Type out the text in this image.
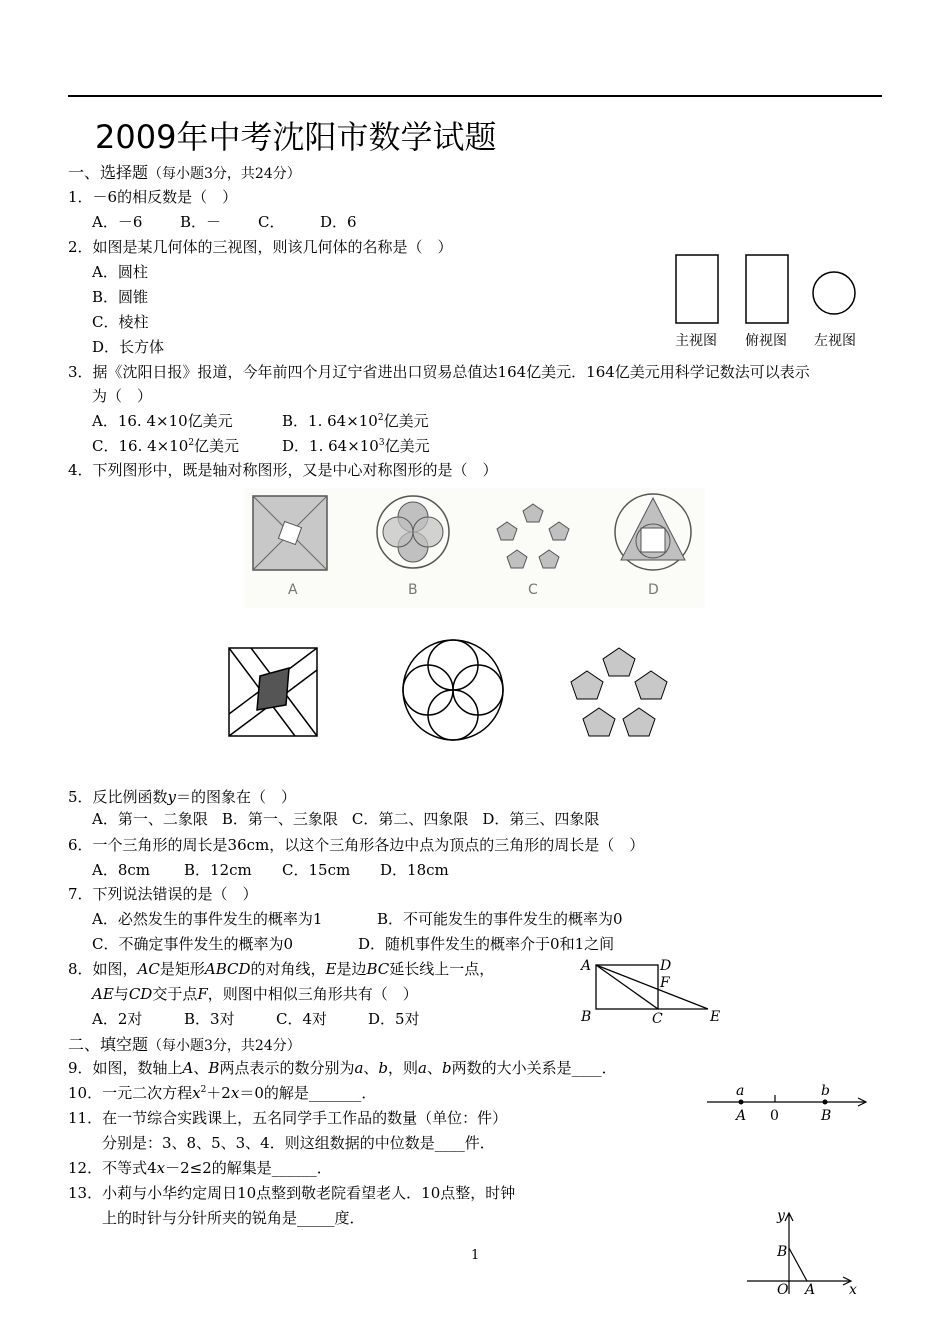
2009年中考沈阳市数学试题
一、选择题（每小题3分，共24分）
1．－6的相反数是（　）
A．－6	B．－ C． D．6
2．如图是某几何体的三视图，则该几何体的名称是（　）
A．圆柱
B．圆锥
C．棱柱
D．长方体	主视图 俯视图 左视图
3．据《沈阳日报》报道，今年前四个月辽宁省进出口贸易总值达164亿美元．164亿美元用科学记数法可以表示
为（　）
A．16. 4×10亿美元	B．1. $64\times 10^2$亿美元
C．16. $4\times 10^2$亿美元	D．1. $64\times 10^3$亿美元
4．下列图形中，既是轴对称图形，又是中心对称图形的是（　）
A	B	C	D
5．反比例函数y＝的图象在（　）
A．第一、二象限 B．第一、三象限 C．第二、四象限 D．第三、四象限
6．一个三角形的周长是36cm，以这个三角形各边中点为顶点的三角形的周长是（　）
A．8cm B．12cm C．15cm D．18cm
7．下列说法错误的是（　）
A．必然发生的事件发生的概率为1	B．不可能发生的事件发生的概率为0
C．不确定事件发生的概率为0	D．随机事件发生的概率介于0和1之间
8．如图，AC是矩形ABCD的对角线，E是边BC延长线上一点，
AE与CD交于点F，则图中相似三角形共有（　）
A．2对	B．3对	C．4对	D．5对
A	D
F
B	C	E
二、填空题（每小题3分，共24分）
9．如图，数轴上A、B两点表示的数分别为a、b，则a、b两数的大小关系是____．
a	b
A 0	B
10．一元二次方程$x^2+2x=0$的解是_______．
11．在一节综合实践课上，五名同学手工作品的数量（单位：件）
分别是：3、8、5、3、4．则这组数据的中位数是____件．
12．不等式4x－2≤2的解集是______．
13．小莉与小华约定周日10点整到敬老院看望老人．10点整，时钟
上的时针与分针所夹的锐角是_____度．	y
B
O A x
1
